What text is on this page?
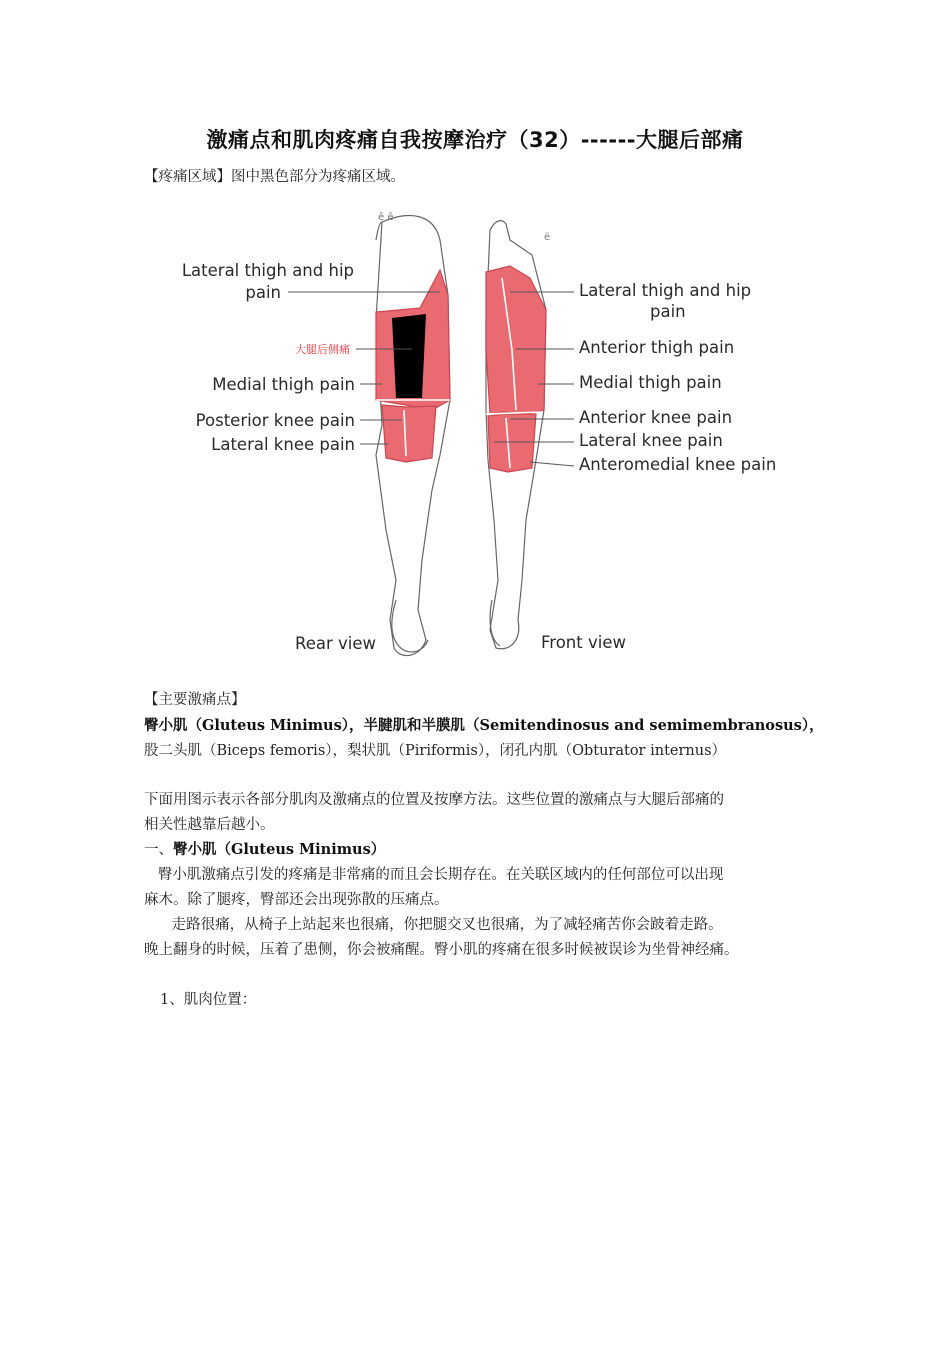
激痛点和肌肉疼痛自我按摩治疗（32）------大腿后部痛

【疼痛区域】图中黑色部分为疼痛区域。

ê ê
ë
Lateral thigh and hip
pain
大腿后侧痛
Medial thigh pain
Posterior knee pain
Lateral knee pain
Rear view
Lateral thigh and hip
pain
Anterior thigh pain
Medial thigh pain
Anterior knee pain
Lateral knee pain
Anteromedial knee pain
Front view

【主要激痛点】

臀小肌（Gluteus Minimus），半腱肌和半膜肌（Semitendinosus and semimembranosus），

股二头肌（Biceps femoris），梨状肌（Piriformis），闭孔内肌（Obturator internus）

下面用图示表示各部分肌肉及激痛点的位置及按摩方法。这些位置的激痛点与大腿后部痛的

相关性越靠后越小。

一、臀小肌（Gluteus Minimus）

臀小肌激痛点引发的疼痛是非常痛的而且会长期存在。在关联区域内的任何部位可以出现

麻木。除了腿疼，臀部还会出现弥散的压痛点。

走路很痛，从椅子上站起来也很痛，你把腿交叉也很痛，为了减轻痛苦你会跛着走路。

晚上翻身的时候，压着了患侧，你会被痛醒。臀小肌的疼痛在很多时候被误诊为坐骨神经痛。

1、肌肉位置：
